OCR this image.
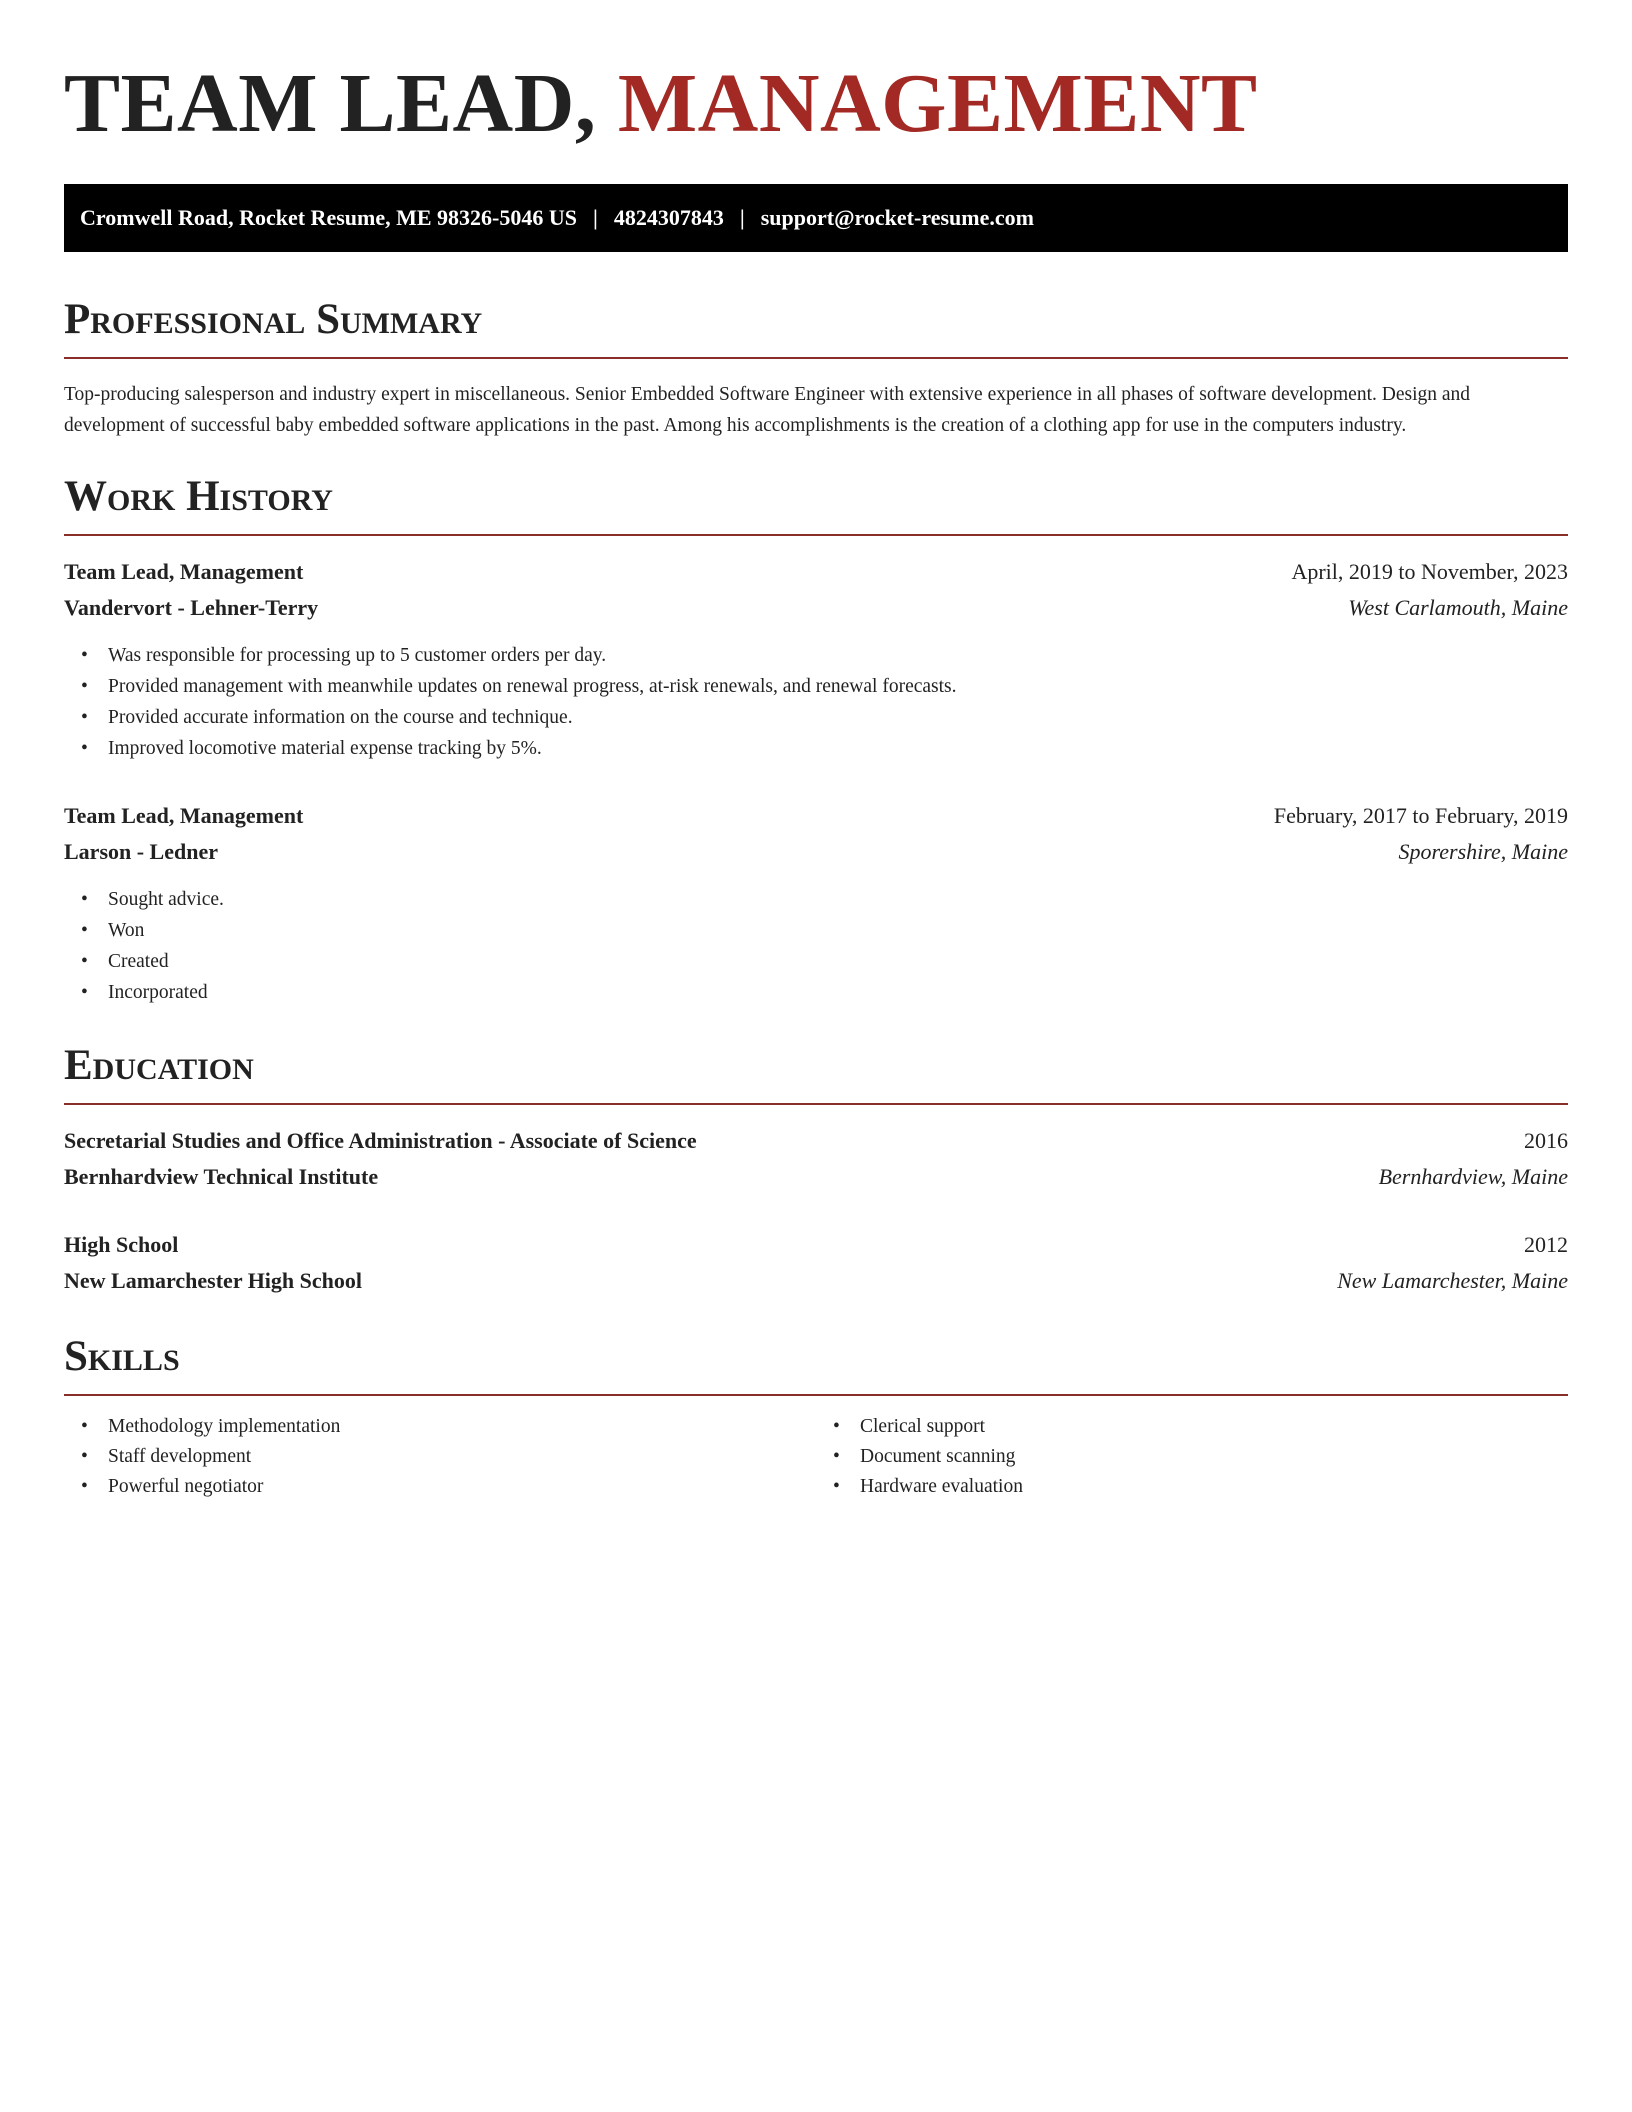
TEAM LEAD, MANAGEMENT
Cromwell Road, Rocket Resume, ME 98326-5046 US | 4824307843 | support@rocket-resume.com
Professional Summary

Top-producing salesperson and industry expert in miscellaneous. Senior Embedded Software Engineer with extensive experience in all phases of software development. Design and development of successful baby embedded software applications in the past. Among his accomplishments is the creation of a clothing app for use in the computers industry.

Work History
Team Lead, Management	April, 2019 to November, 2023
Vandervort - Lehner-Terry	West Carlamouth, Maine
• Was responsible for processing up to 5 customer orders per day.
• Provided management with meanwhile updates on renewal progress, at-risk renewals, and renewal forecasts.
• Provided accurate information on the course and technique.
• Improved locomotive material expense tracking by 5%.
Team Lead, Management	February, 2017 to February, 2019
Larson - Ledner	Sporershire, Maine
• Sought advice.
• Won
• Created
• Incorporated
Education
Secretarial Studies and Office Administration - Associate of Science	2016
Bernhardview Technical Institute	Bernhardview, Maine
High School	2012
New Lamarchester High School	New Lamarchester, Maine
Skills
• Methodology implementation
• Staff development
• Powerful negotiator
• Clerical support
• Document scanning
• Hardware evaluation
